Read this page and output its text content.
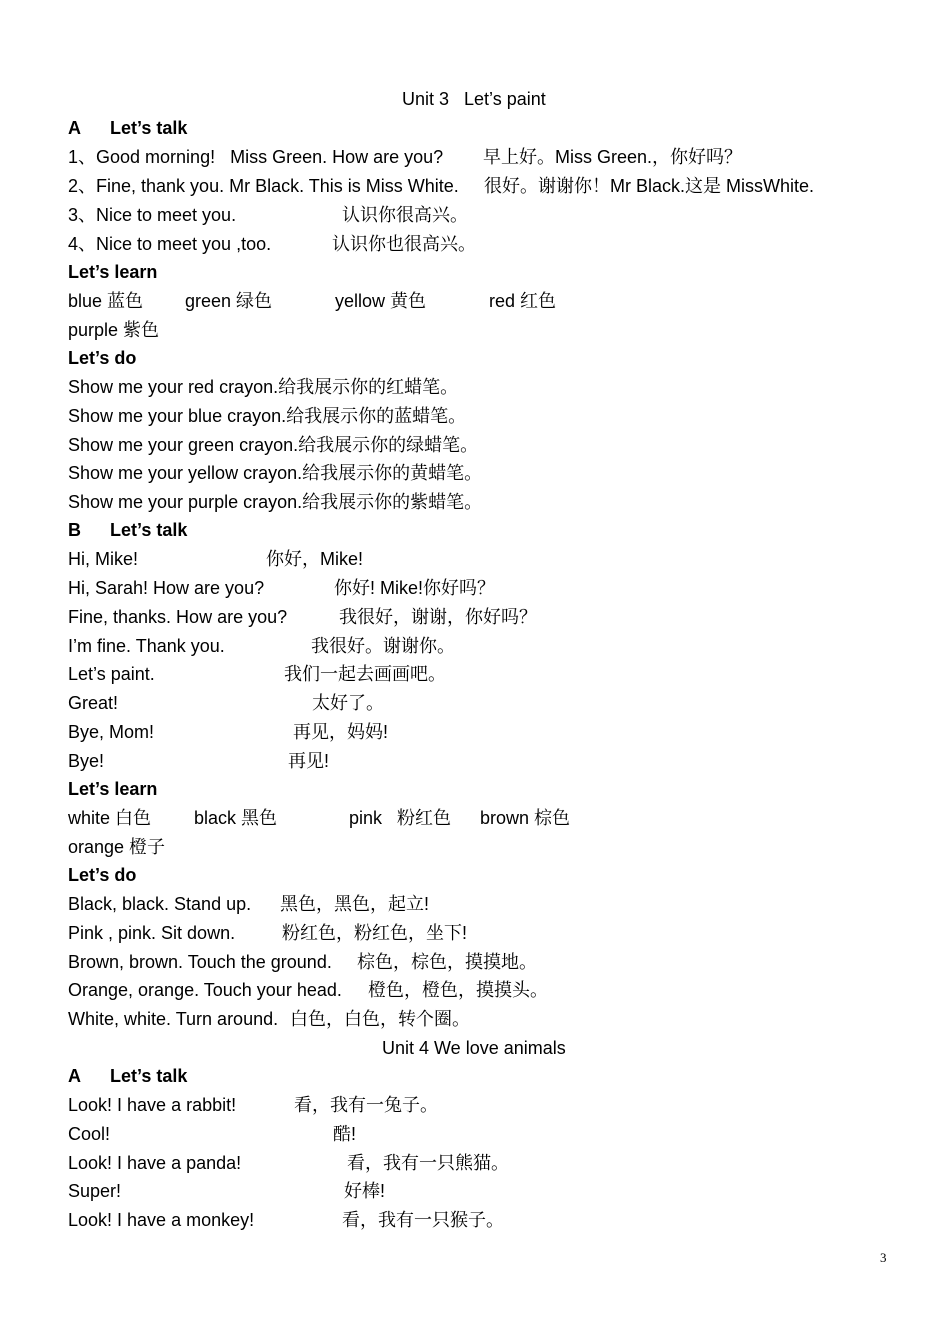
Unit 3   Let’s paint
A Let’s talk
1、Good morning!   Miss Green. How are you? 早上好。Miss Green.，你好吗？
2、Fine, thank you. Mr Black. This is Miss White. 很好。谢谢你！Mr Black.这是 MissWhite.
3、Nice to meet you.	认识你很高兴。
4、Nice to meet you ,too.	认识你也很高兴。
Let’s learn
blue 蓝色 green 绿色	yellow 黄色	red 红色
purple 紫色
Let’s do
Show me your red crayon.给我展示你的红蜡笔。
Show me your blue crayon.给我展示你的蓝蜡笔。
Show me your green crayon.给我展示你的绿蜡笔。
Show me your yellow crayon.给我展示你的黄蜡笔。
Show me your purple crayon.给我展示你的紫蜡笔。
B Let’s talk
Hi, Mike!	你好，Mike!
Hi, Sarah! How are you?	你好! Mike!你好吗？
Fine, thanks. How are you?	我很好，谢谢，你好吗？
I’m fine. Thank you.	我很好。谢谢你。
Let’s paint.	我们一起去画画吧。
Great!	太好了。
Bye, Mom!	再见，妈妈!
Bye!	再见!
Let’s learn
white 白色 black 黑色	pink   粉红色 brown 棕色
orange 橙子
Let’s do
Black, black. Stand up. 黑色，黑色，起立!
Pink , pink. Sit down.	粉红色，粉红色，坐下!
Brown, brown. Touch the ground. 棕色，棕色，摸摸地。
Orange, orange. Touch your head. 橙色，橙色，摸摸头。
White, white. Turn around. 白色，白色，转个圈。
Unit 4 We love animals
A Let’s talk
Look! I have a rabbit!	看，我有一兔子。
Cool!	酷!
Look! I have a panda!	看，我有一只熊猫。
Super!	好棒!
Look! I have a monkey!	看，我有一只猴子。
3
